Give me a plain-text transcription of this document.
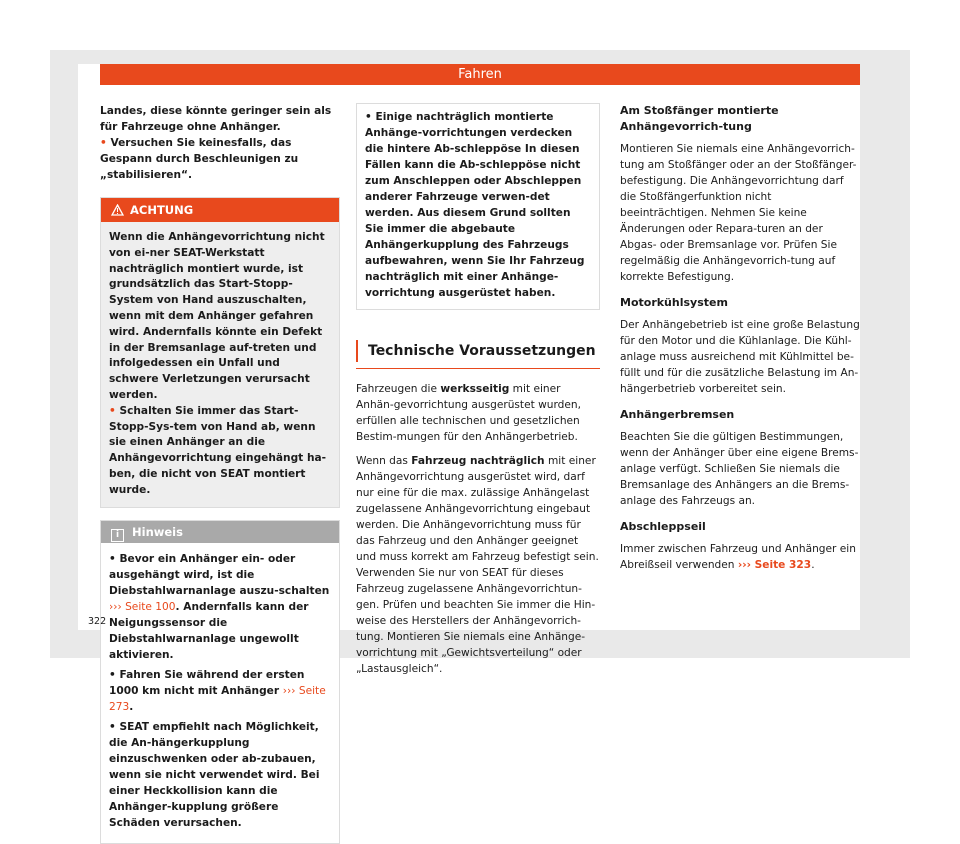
Fahren

Landes, diese könnte geringer sein als für Fahrzeuge ohne Anhänger.

• Versuchen Sie keinesfalls, das Gespann durch Beschleunigen zu „stabilisieren“.

ACHTUNG

Wenn die Anhängevorrichtung nicht von ei-ner SEAT-Werkstatt nachträglich montiert wurde, ist grundsätzlich das Start-Stopp-System von Hand auszuschalten, wenn mit dem Anhänger gefahren wird. Andernfalls könnte ein Defekt in der Bremsanlage auf-treten und infolgedessen ein Unfall und schwere Verletzungen verursacht werden.

• Schalten Sie immer das Start-Stopp-Sys-tem von Hand ab, wenn sie einen Anhänger an die Anhängevorrichtung eingehängt ha-ben, die nicht von SEAT montiert wurde.

i Hinweis

• Bevor ein Anhänger ein- oder ausgehängt wird, ist die Diebstahlwarnanlage auszu-schalten ››› Seite 100. Andernfalls kann der Neigungssensor die Diebstahlwarnanlage ungewollt aktivieren.

• Fahren Sie während der ersten 1000 km nicht mit Anhänger ››› Seite 273.

• SEAT empfiehlt nach Möglichkeit, die An-hängerkupplung einzuschwenken oder ab-zubauen, wenn sie nicht verwendet wird. Bei einer Heckkollision kann die Anhänger-kupplung größere Schäden verursachen.

• Einige nachträglich montierte Anhänge-vorrichtungen verdecken die hintere Ab-schleppöse In diesen Fällen kann die Ab-schleppöse nicht zum Anschleppen oder Abschleppen anderer Fahrzeuge verwen-det werden. Aus diesem Grund sollten Sie immer die abgebaute Anhängerkupplung des Fahrzeugs aufbewahren, wenn Sie Ihr Fahrzeug nachträglich mit einer Anhänge-vorrichtung ausgerüstet haben.

Technische Voraussetzungen

Fahrzeugen die werksseitig mit einer Anhän-gevorrichtung ausgerüstet wurden, erfüllen alle technischen und gesetzlichen Bestim-mungen für den Anhängerbetrieb.

Wenn das Fahrzeug nachträglich mit einer Anhängevorrichtung ausgerüstet wird, darf nur eine für die max. zulässige Anhängelast zugelassene Anhängevorrichtung eingebaut werden. Die Anhängevorrichtung muss für das Fahrzeug und den Anhänger geeignet und muss korrekt am Fahrzeug befestigt sein. Verwenden Sie nur von SEAT für dieses Fahrzeug zugelassene Anhängevorrichtun-gen. Prüfen und beachten Sie immer die Hin-weise des Herstellers der Anhängevorrich-tung. Montieren Sie niemals eine Anhänge-vorrichtung mit „Gewichtsverteilung“ oder „Lastausgleich“.

Am Stoßfänger montierte Anhängevorrich-tung

Montieren Sie niemals eine Anhängevorrich-tung am Stoßfänger oder an der Stoßfänger-befestigung. Die Anhängevorrichtung darf die Stoßfängerfunktion nicht beeinträchtigen. Nehmen Sie keine Änderungen oder Repara-turen an der Abgas- oder Bremsanlage vor. Prüfen Sie regelmäßig die Anhängevorrich-tung auf korrekte Befestigung.

Motorkühlsystem

Der Anhängebetrieb ist eine große Belastung für den Motor und die Kühlanlage. Die Kühl-anlage muss ausreichend mit Kühlmittel be-füllt und für die zusätzliche Belastung im An-hängerbetrieb vorbereitet sein.

Anhängerbremsen

Beachten Sie die gültigen Bestimmungen, wenn der Anhänger über eine eigene Brems-anlage verfügt. Schließen Sie niemals die Bremsanlage des Anhängers an die Brems-anlage des Fahrzeugs an.

Abschleppseil

Immer zwischen Fahrzeug und Anhänger ein Abreißseil verwenden ››› Seite 323.

322
